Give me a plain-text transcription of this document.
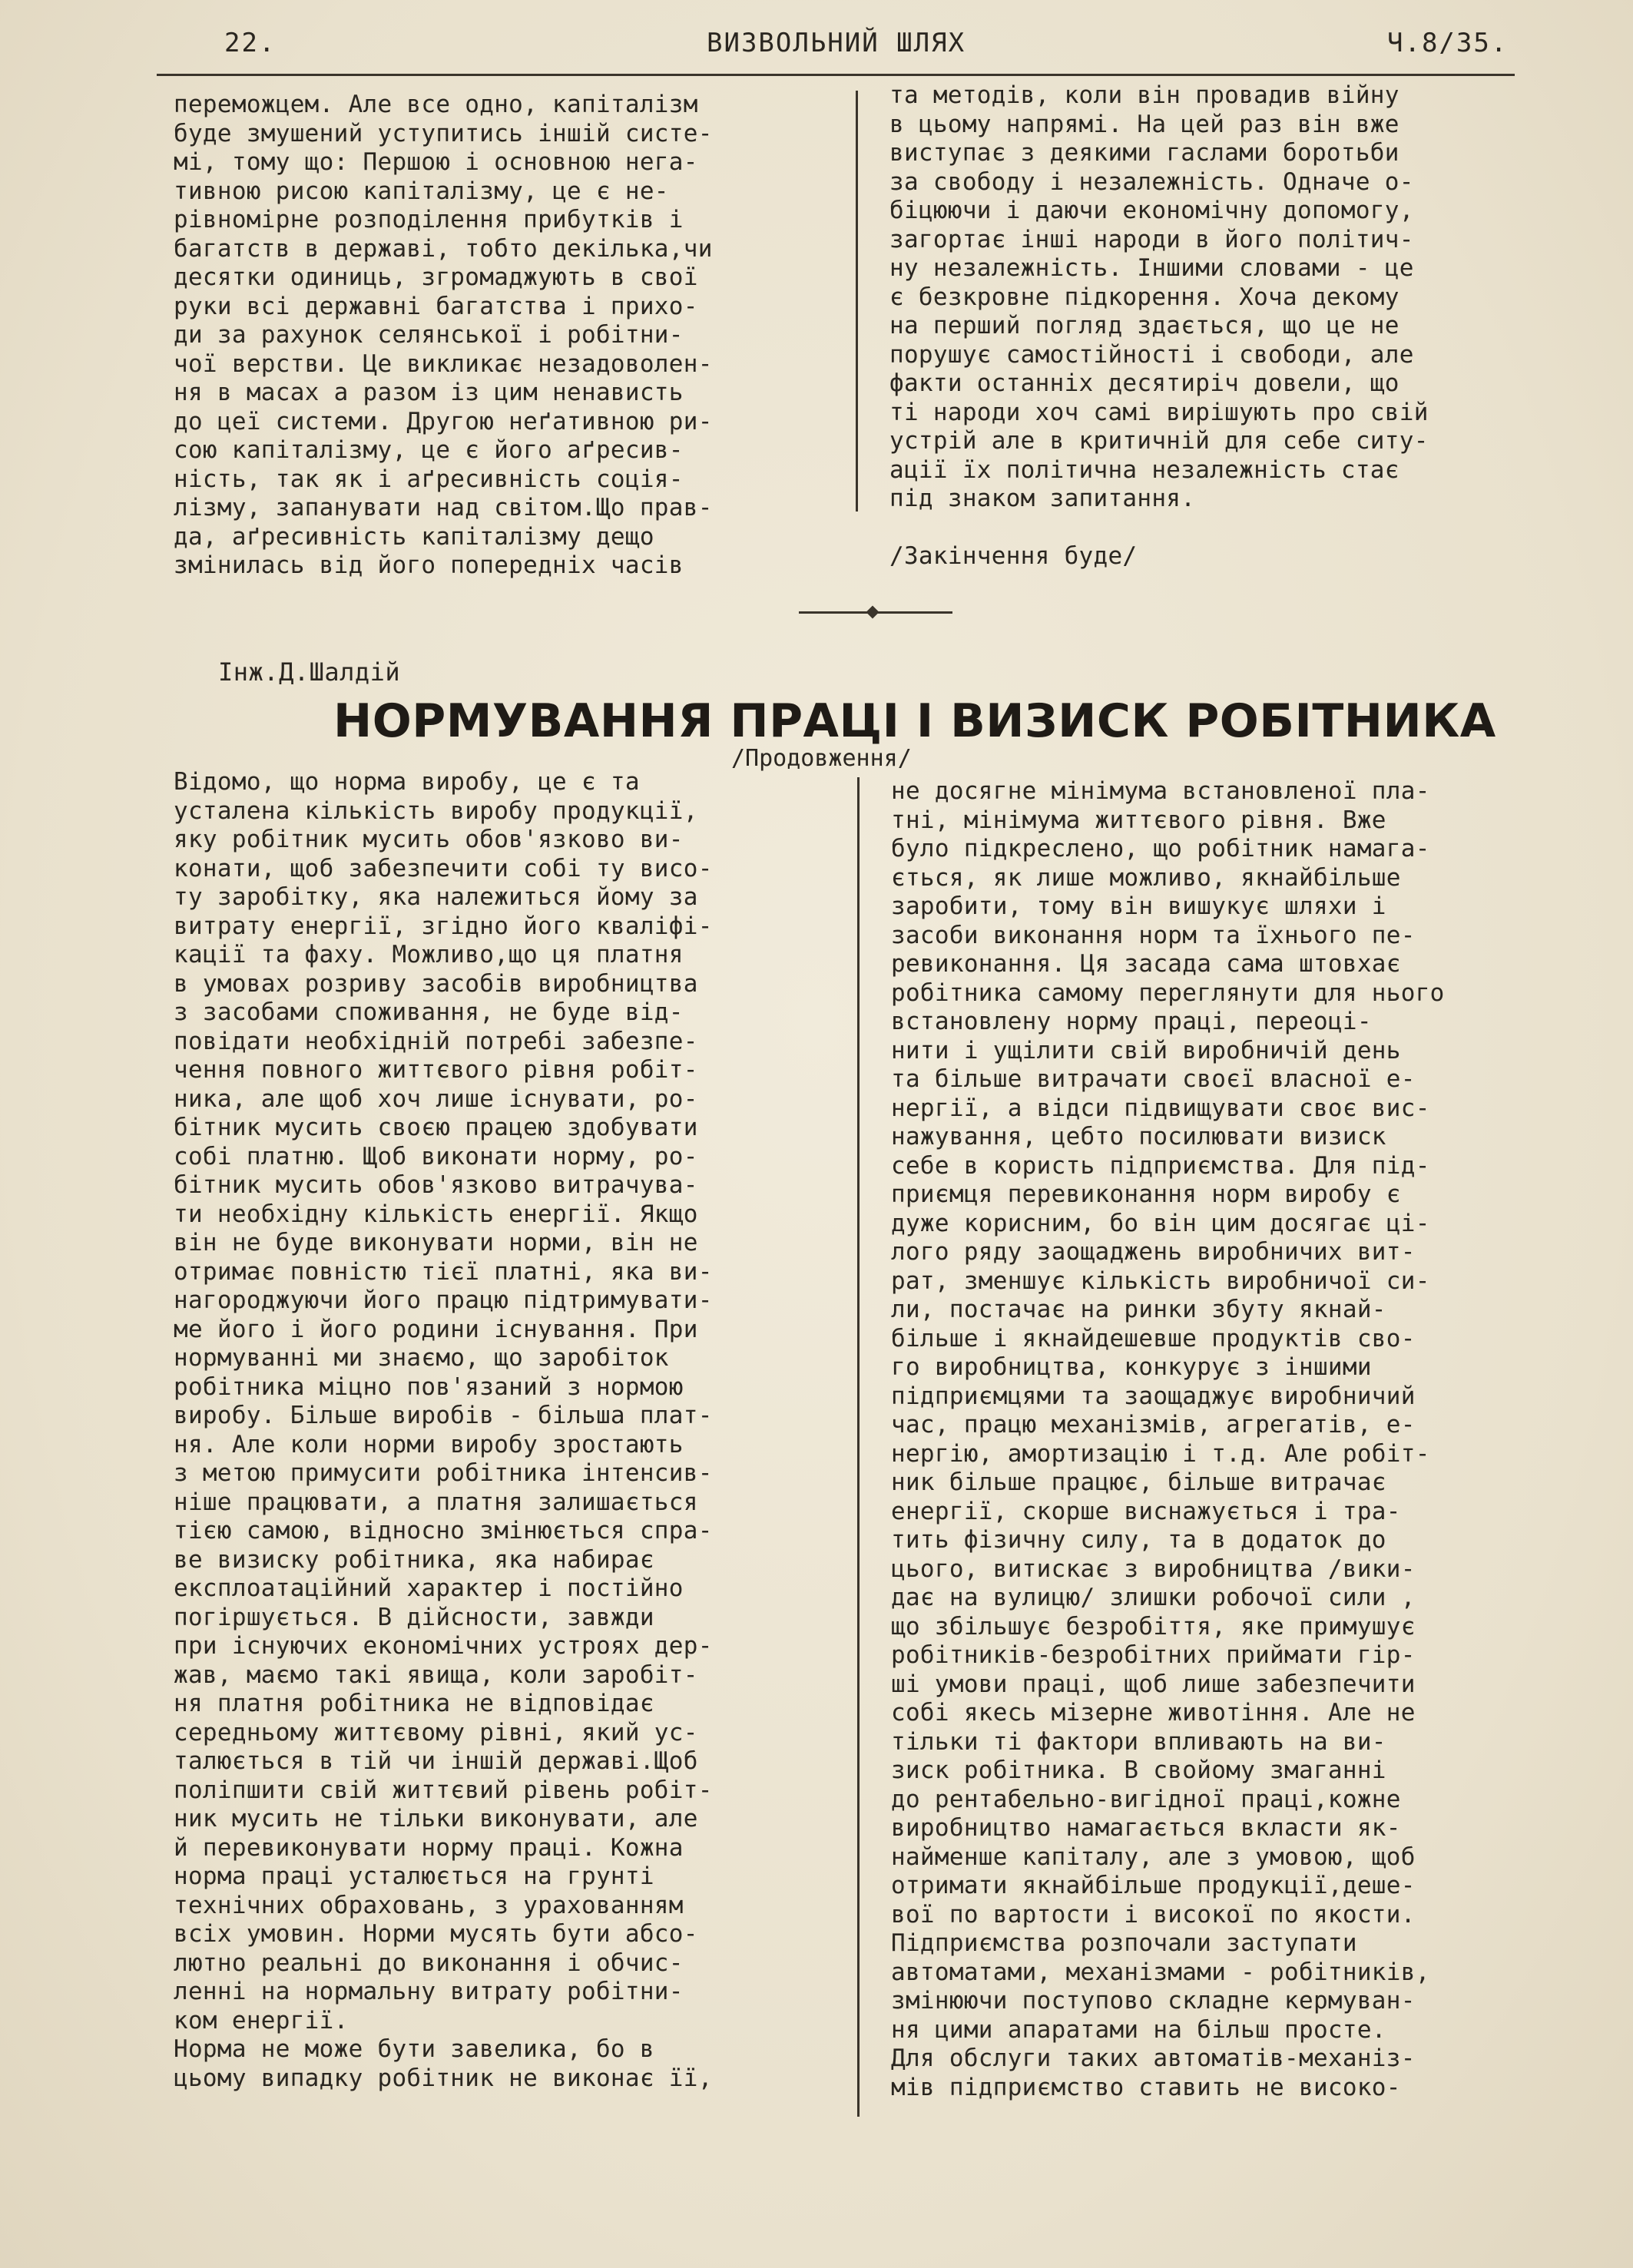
22.	ВИЗВОЛЬНИЙ ШЛЯХ	Ч.8/35.
переможцем. Але все одно, капіталізм
буде змушений уступитись іншій систе-
мі, тому що: Першою і основною нега-
тивною рисою капіталізму, це є не-
рівномірне розподілення прибутків і
багатств в державі, тобто декілька,чи
десятки одиниць, згромаджують в свої
руки всі державні багатства і прихо-
ди за рахунок селянської і робітни-
чої верстви. Це викликає незадоволен-
ня в масах а разом із цим ненависть
до цеї системи. Другою неґативною ри-
сою капіталізму, це є його аґресив-
ність, так як і аґресивність соція-
лізму, запанувати над світом.Що прав-
да, аґресивність капіталізму дещо
змінилась від його попередніх часів
та методів, коли він провадив війну
в цьому напрямі. На цей раз він вже
виступає з деякими гаслами боротьби
за свободу і незалежність. Одначе о-
біцюючи і даючи економічну допомогу,
загортає інші народи в його політич-
ну незалежність. Іншими словами - це
є безкровне підкорення. Хоча декому
на перший погляд здається, що це не
порушує самостійності і свободи, але
факти останніх десятиріч довели, що
ті народи хоч самі вирішують про свій
устрій але в критичній для себе ситу-
ації їх політична незалежність стає
під знаком запитання.
/Закінчення буде/
Інж.Д.Шалдій
НОРМУВАННЯ ПРАЦІ І ВИЗИСК РОБІТНИКА
/Продовження/
Відомо, що норма виробу, це є та
усталена кількість виробу продукції,
яку робітник мусить обов'язково ви-
конати, щоб забезпечити собі ту висо-
ту заробітку, яка належиться йому за
витрату енергії, згідно його кваліфі-
кації та фаху. Можливо,що ця платня
в умовах розриву засобів виробництва
з засобами споживання, не буде від-
повідати необхідній потребі забезпе-
чення повного життєвого рівня робіт-
ника, але щоб хоч лише існувати, ро-
бітник мусить своєю працею здобувати
собі платню. Щоб виконати норму, ро-
бітник мусить обов'язково витрачува-
ти необхідну кількість енергії. Якщо
він не буде виконувати норми, він не
отримає повністю тієї платні, яка ви-
нагороджуючи його працю підтримувати-
ме його і його родини існування. При
нормуванні ми знаємо, що заробіток
робітника міцно пов'язаний з нормою
виробу. Більше виробів - більша плат-
ня. Але коли норми виробу зростають
з метою примусити робітника інтенсив-
ніше працювати, а платня залишається
тією самою, відносно змінюється спра-
ве визиску робітника, яка набирає
експлоатаційний характер і постійно
погіршується. В дійсности, завжди
при існуючих економічних устроях дер-
жав, маємо такі явища, коли заробіт-
ня платня робітника не відповідає
середньому життєвому рівні, який ус-
талюється в тій чи іншій державі.Щоб
поліпшити свій життєвий рівень робіт-
ник мусить не тільки виконувати, але
й перевиконувати норму праці. Кожна
норма праці усталюється на грунті
технічних обраховань, з урахованням
всіх умовин. Норми мусять бути абсо-
лютно реальні до виконання і обчис-
ленні на нормальну витрату робітни-
ком енергії.
Норма не може бути завелика, бо в
цьому випадку робітник не виконає її,
не досягне мінімума встановленої пла-
тні, мінімума життєвого рівня. Вже
було підкреслено, що робітник намага-
ється, як лише можливо, якнайбільше
заробити, тому він вишукує шляхи і
засоби виконання норм та їхнього пе-
ревиконання. Ця засада сама штовхає
робітника самому переглянути для нього
встановлену норму праці, переоці-
нити і ущілити свій виробничій день
та більше витрачати своєї власної е-
нергії, а відси підвищувати своє вис-
нажування, цебто посилювати визиск
себе в користь підприємства. Для під-
приємця перевиконання норм виробу є
дуже корисним, бо він цим досягає ці-
лого ряду заощаджень виробничих вит-
рат, зменшує кількість виробничої си-
ли, постачає на ринки збуту якнай-
більше і якнайдешевше продуктів сво-
го виробництва, конкурує з іншими
підприємцями та заощаджує виробничий
час, працю механізмів, агрегатів, е-
нергію, амортизацію і т.д. Але робіт-
ник більше працює, більше витрачає
енергії, скорше виснажується і тра-
тить фізичну силу, та в додаток до
цього, витискає з виробництва /вики-
дає на вулицю/ злишки робочої сили ,
що збільшує безробіття, яке примушує
робітників-безробітних приймати гір-
ші умови праці, щоб лише забезпечити
собі якесь мізерне животіння. Але не
тільки ті фактори впливають на ви-
зиск робітника. В свойому змаганні
до рентабельно-вигідної праці,кожне
виробництво намагається вкласти як-
найменше капіталу, але з умовою, щоб
отримати якнайбільше продукції,деше-
вої по вартости і високої по якости.
Підприємства розпочали заступати
автоматами, механізмами - робітників,
змінюючи поступово складне кермуван-
ня цими апаратами на більш просте.
Для обслуги таких автоматів-механіз-
мів підприємство ставить не високо-
